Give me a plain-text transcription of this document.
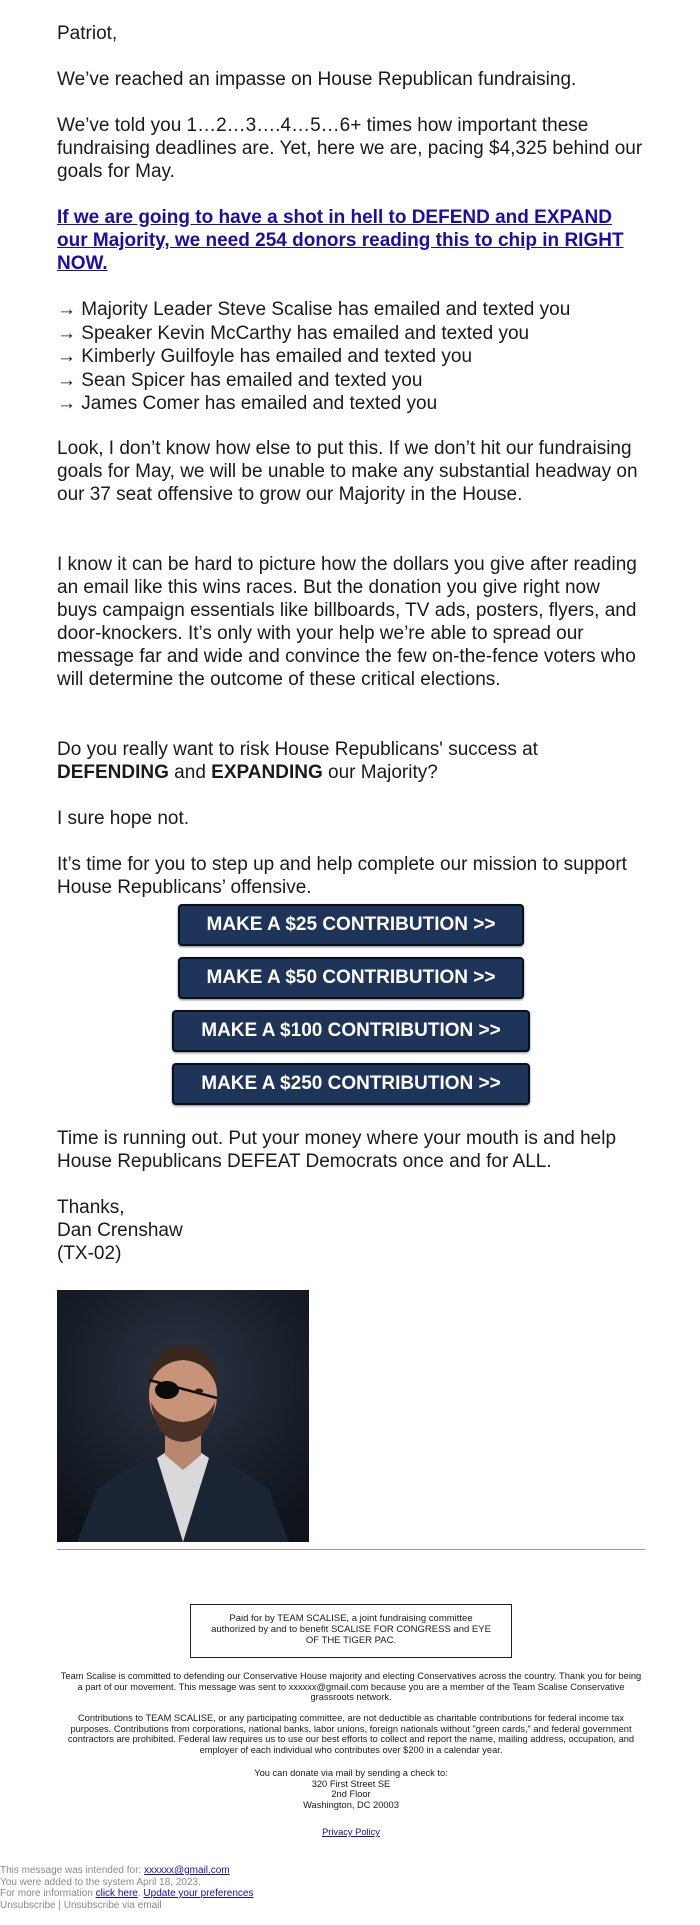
Patriot,

We’ve reached an impasse on House Republican fundraising.

We’ve told you 1…2…3….4…5…6+ times how important these fundraising deadlines are. Yet, here we are, pacing $4,325 behind our goals for May.

If we are going to have a shot in hell to DEFEND and EXPAND our Majority, we need 254 donors reading this to chip in RIGHT NOW.

→ Majority Leader Steve Scalise has emailed and texted you
→ Speaker Kevin McCarthy has emailed and texted you
→ Kimberly Guilfoyle has emailed and texted you
→ Sean Spicer has emailed and texted you
→ James Comer has emailed and texted you

Look, I don’t know how else to put this. If we don’t hit our fundraising goals for May, we will be unable to make any substantial headway on our 37 seat offensive to grow our Majority in the House.

I know it can be hard to picture how the dollars you give after reading an email like this wins races. But the donation you give right now buys campaign essentials like billboards, TV ads, posters, flyers, and door-knockers. It’s only with your help we’re able to spread our message far and wide and convince the few on-the-fence voters who will determine the outcome of these critical elections.

Do you really want to risk House Republicans' success at DEFENDING and EXPANDING our Majority?

I sure hope not.

It’s time for you to step up and help complete our mission to support House Republicans’ offensive.

MAKE A $25 CONTRIBUTION >>
MAKE A $50 CONTRIBUTION >>
MAKE A $100 CONTRIBUTION >>
MAKE A $250 CONTRIBUTION >>

Time is running out. Put your money where your mouth is and help House Republicans DEFEAT Democrats once and for ALL.

Thanks,
Dan Crenshaw
(TX-02)
Paid for by TEAM SCALISE, a joint fundraising committee authorized by and to benefit SCALISE FOR CONGRESS and EYE OF THE TIGER PAC.
Team Scalise is committed to defending our Conservative House majority and electing Conservatives across the country. Thank you for being a part of our movement. This message was sent to xxxxxx@gmail.com because you are a member of the Team Scalise Conservative grassroots network.
Contributions to TEAM SCALISE, or any participating committee, are not deductible as charitable contributions for federal income tax purposes. Contributions from corporations, national banks, labor unions, foreign nationals without "green cards," and federal government contractors are prohibited. Federal law requires us to use our best efforts to collect and report the name, mailing address, occupation, and employer of each individual who contributes over $200 in a calendar year.
You can donate via mail by sending a check to:
320 First Street SE
2nd Floor
Washington, DC 20003
Privacy Policy
This message was intended for: xxxxxx@gmail.com
You were added to the system April 18, 2023.
For more information click here. Update your preferences
Unsubscribe | Unsubscribe via email
